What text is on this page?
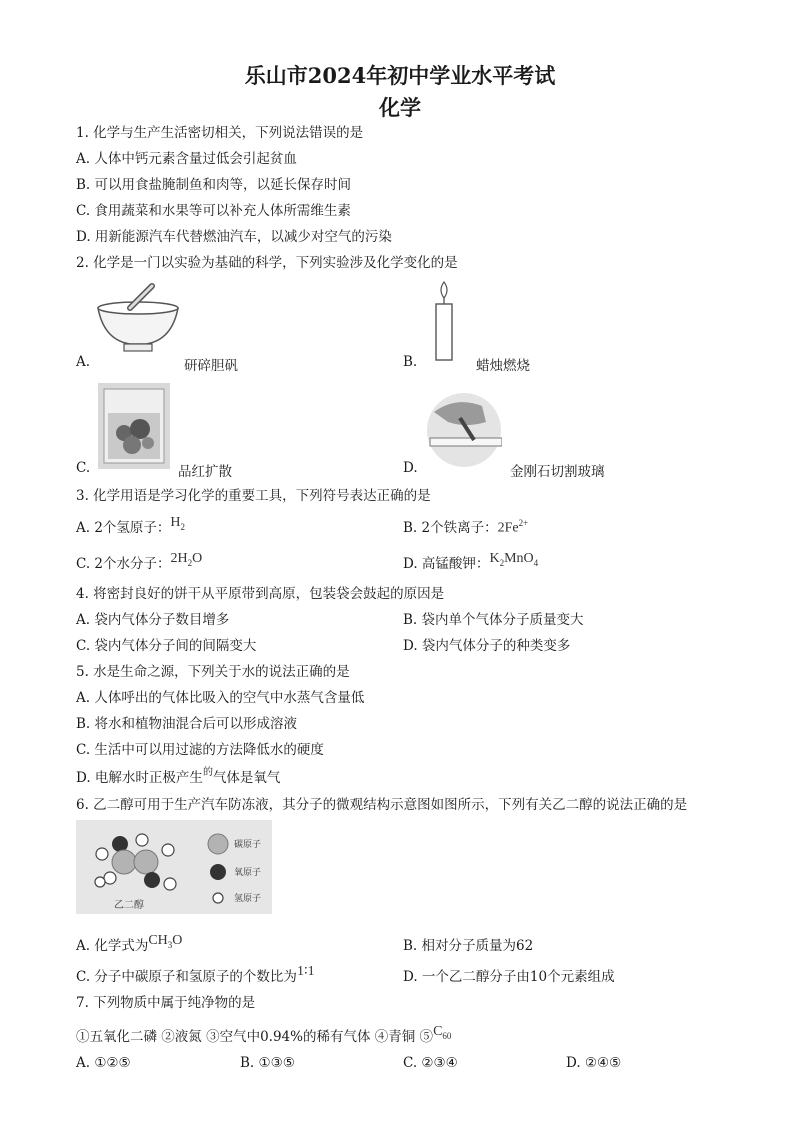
乐山市2024年初中学业水平考试
化学
1. 化学与生产生活密切相关，下列说法错误的是
A. 人体中钙元素含量过低会引起贫血
B. 可以用食盐腌制鱼和肉等，以延长保存时间
C. 食用蔬菜和水果等可以补充人体所需维生素
D. 用新能源汽车代替燃油汽车，以减少对空气的污染
2. 化学是一门以实验为基础的科学，下列实验涉及化学变化的是
A.	研碎胆矾	B.	蜡烛燃烧
C.	品红扩散	D.	金刚石切割玻璃
3. 化学用语是学习化学的重要工具，下列符号表达正确的是
A. 2个氢原子：$H_2$	B. 2个铁离子：$2Fe^{2+}$
C. 2个水分子：$2H_2O$	D. 高锰酸钾：$K_2MnO_4$
4. 将密封良好的饼干从平原带到高原，包装袋会鼓起的原因是
A. 袋内气体分子数目增多	B. 袋内单个气体分子质量变大
C. 袋内气体分子间的间隔变大	D. 袋内气体分子的种类变多
5. 水是生命之源，下列关于水的说法正确的是
A. 人体呼出的气体比吸入的空气中水蒸气含量低
B. 将水和植物油混合后可以形成溶液
C. 生活中可以用过滤的方法降低水的硬度
D. 电解水时正极产生$^的$气体是氧气
6. 乙二醇可用于生产汽车防冻液，其分子的微观结构示意图如图所示，下列有关乙二醇的说法正确的是
碳原子
氧原子
氢原子
乙二醇
A. 化学式为$CH_3O$	B. 相对分子质量为62
C. 分子中碳原子和氢原子的个数比为1∶1	D. 一个乙二醇分子由10个元素组成
7. 下列物质中属于纯净物的是
①五氧化二磷 ②液氮 ③空气中0.94%的稀有气体 ④青铜 $⑤C_{60}$
A. ①②⑤	B. ①③⑤	C. ②③④	D. ②④⑤
